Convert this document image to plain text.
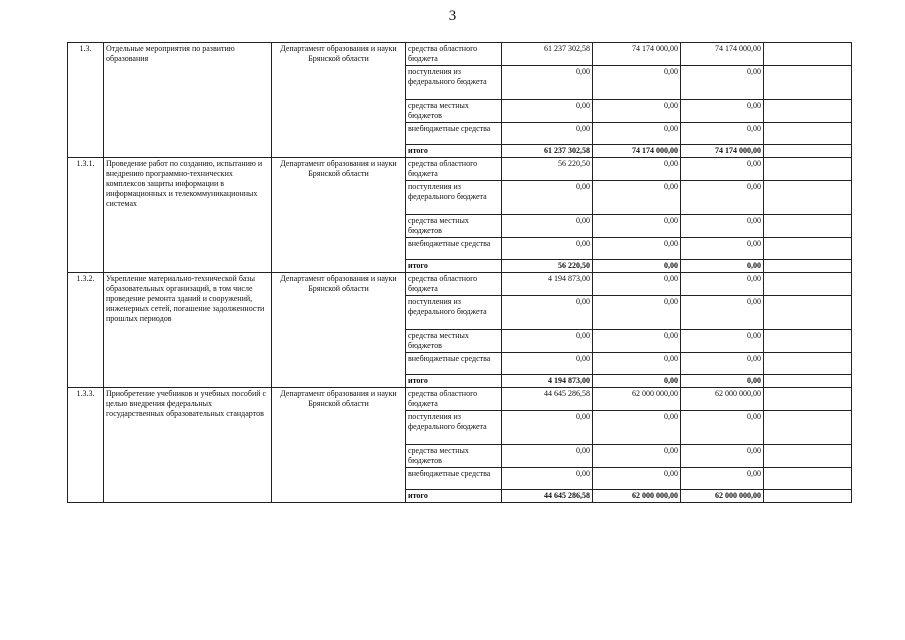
3
1.3.	Отдельные мероприятия по развитию образования	Департамент образования и науки Брянской области	средства областного бюджета	61 237 302,58	74 174 000,00	74 174 000,00	
			поступления из федерального бюджета	0,00	0,00	0,00	
			средства местных бюджетов	0,00	0,00	0,00	
			внебюджетные средства	0,00	0,00	0,00	
			итого	61 237 302,58	74 174 000,00	74 174 000,00	
1.3.1.	Проведение работ по созданию, испытанию и внедрению программно-технических комплексов защиты информации в информационных и телекоммуникационных системах	Департамент образования и науки Брянской области	средства областного бюджета	56 220,50	0,00	0,00	
			поступления из федерального бюджета	0,00	0,00	0,00	
			средства местных бюджетов	0,00	0,00	0,00	
			внебюджетные средства	0,00	0,00	0,00	
			итого	56 220,50	0,00	0,00	
1.3.2.	Укрепление материально-технической базы образовательных организаций, в том числе проведение ремонта зданий и сооружений, инженерных сетей, погашение задолженности прошлых периодов	Департамент образования и науки Брянской области	средства областного бюджета	4 194 873,00	0,00	0,00	
			поступления из федерального бюджета	0,00	0,00	0,00	
			средства местных бюджетов	0,00	0,00	0,00	
			внебюджетные средства	0,00	0,00	0,00	
			итого	4 194 873,00	0,00	0,00	
1.3.3.	Приобретение учебников и учебных пособий с целью внедрения федеральных государственных образовательных стандартов	Департамент образования и науки Брянской области	средства областного бюджета	44 645 286,58	62 000 000,00	62 000 000,00	
			поступления из федерального бюджета	0,00	0,00	0,00	
			средства местных бюджетов	0,00	0,00	0,00	
			внебюджетные средства	0,00	0,00	0,00	
			итого	44 645 286,58	62 000 000,00	62 000 000,00	
